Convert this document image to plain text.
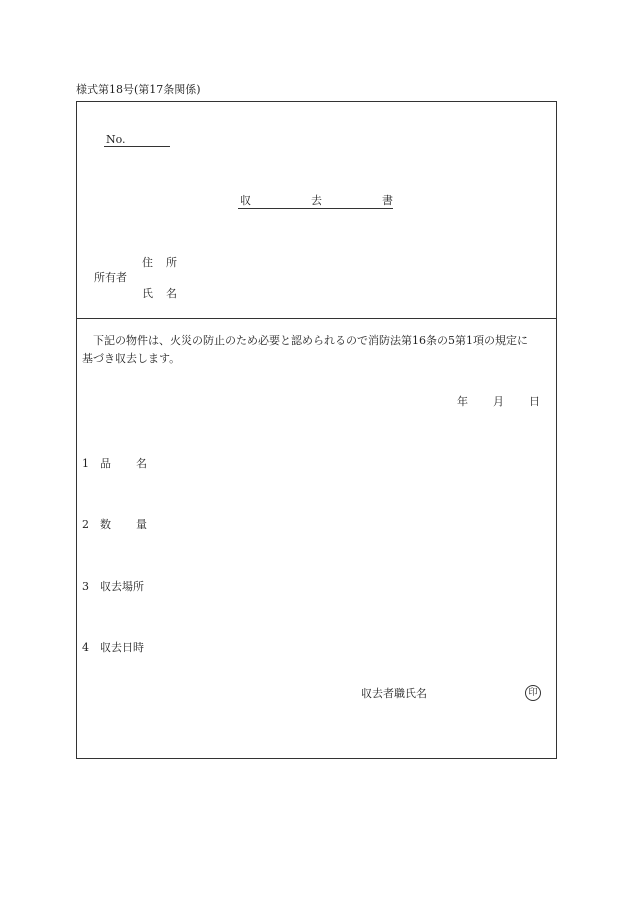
様式第18号(第17条関係)
No.
収	去	書
住 所
所有者
氏 名
下記の物件は、火災の防止のため必要と認められるので消防法第16条の5第1項の規定に
基づき収去します。
年 月 日
1 品 名
2 数 量
3 収去場所
4 収去日時
収去者職氏名	印
